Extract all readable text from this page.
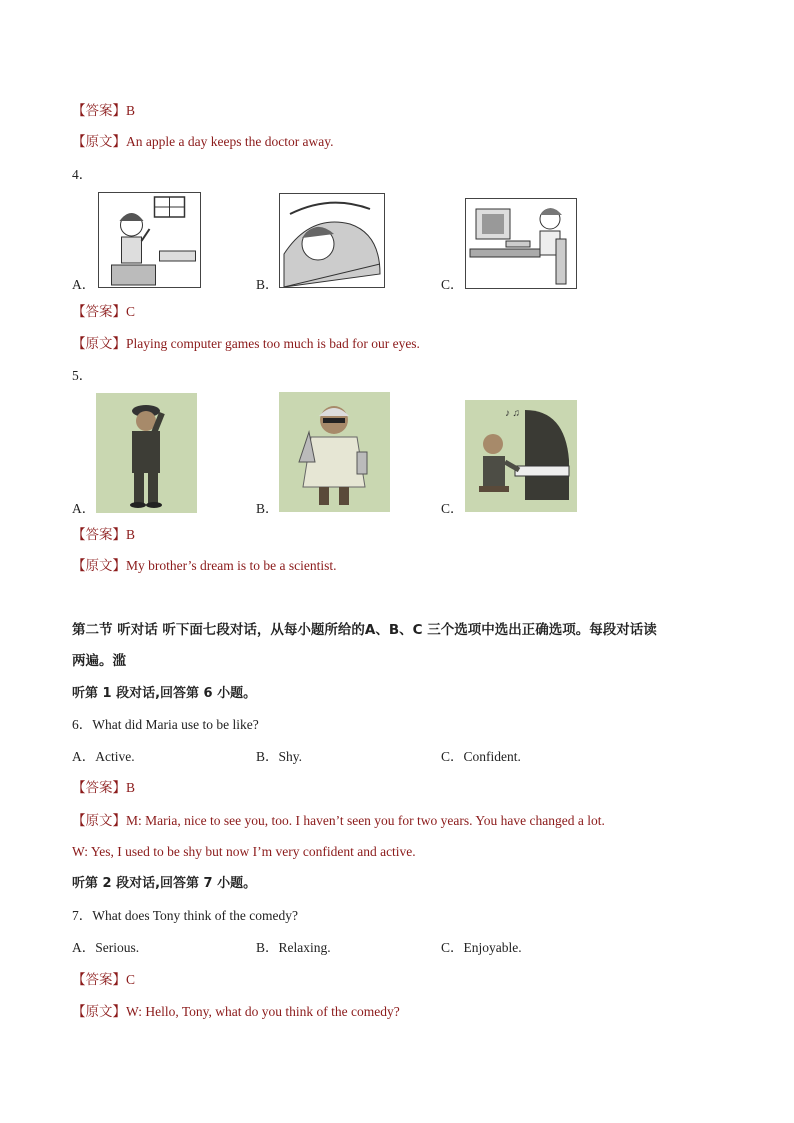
【答案】B
【原文】An apple a day keeps the doctor away.
4．
A．	B．	C．
【答案】C
【原文】Playing computer games too much is bad for our eyes.
5．
♪ ♫
A．	B．	C．
【答案】B
【原文】My brother’s dream is to be a scientist.
第二节 听对话 听下面七段对话，从每小题所给的A、B、C 三个选项中选出正确选项。每段对话读
两遍。滥
听第 1 段对话,回答第 6 小题。
6．What did Maria use to be like?
A．Active.	B．Shy.	C．Confident.
【答案】B
【原文】M: Maria, nice to see you, too. I haven’t seen you for two years. You have changed a lot.
W: Yes, I used to be shy but now I’m very confident and active.
听第 2 段对话,回答第 7 小题。
7．What does Tony think of the comedy?
A．Serious.	B．Relaxing.	C．Enjoyable.
【答案】C
【原文】W: Hello, Tony, what do you think of the comedy?
